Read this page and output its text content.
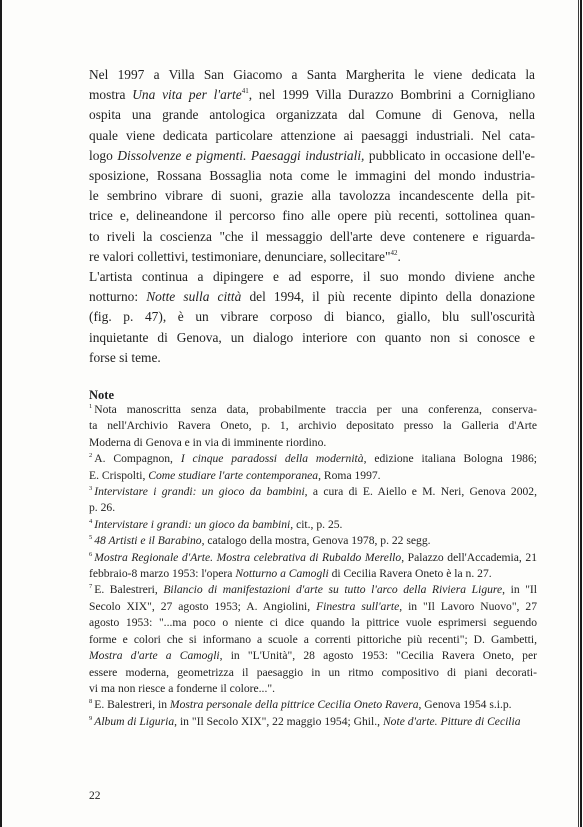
Nel 1997 a Villa San Giacomo a Santa Margherita le viene dedicata la
mostra Una vita per l'arte$^{41}$, nel 1999 Villa Durazzo Bombrini a Cornigliano
ospita una grande antologica organizzata dal Comune di Genova, nella
quale viene dedicata particolare attenzione ai paesaggi industriali. Nel cata-
logo Dissolvenze e pigmenti. Paesaggi industriali, pubblicato in occasione dell'e-
sposizione, Rossana Bossaglia nota come le immagini del mondo industria-
le sembrino vibrare di suoni, grazie alla tavolozza incandescente della pit-
trice e, delineandone il percorso fino alle opere più recenti, sottolinea quan-
to riveli la coscienza "che il messaggio dell'arte deve contenere e riguarda-
re valori collettivi, testimoniare, denunciare, sollecitare"$^{42}$.

L'artista continua a dipingere e ad esporre, il suo mondo diviene anche
notturno: Notte sulla città del 1994, il più recente dipinto della donazione
(fig. p. 47), è un vibrare corposo di bianco, giallo, blu sull'oscurità
inquietante di Genova, un dialogo interiore con quanto non si conosce e
forse si teme.

Note

$^1$ Nota manoscritta senza data, probabilmente traccia per una conferenza, conserva-
ta nell'Archivio Ravera Oneto, p. 1, archivio depositato presso la Galleria d'Arte
Moderna di Genova e in via di imminente riordino.

$^2$ A. Compagnon, I cinque paradossi della modernità, edizione italiana Bologna 1986;
E. Crispolti, Come studiare l'arte contemporanea, Roma 1997.

$^3$ Intervistare i grandi: un gioco da bambini, a cura di E. Aiello e M. Neri, Genova 2002,
p. 26.

$^4$ Intervistare i grandi: un gioco da bambini, cit., p. 25.

$^5$ 48 Artisti e il Barabino, catalogo della mostra, Genova 1978, p. 22 segg.

$^6$ Mostra Regionale d'Arte. Mostra celebrativa di Rubaldo Merello, Palazzo dell'Accademia, 21
febbraio-8 marzo 1953: l'opera Notturno a Camogli di Cecilia Ravera Oneto è la n. 27.

$^7$ E. Balestreri, Bilancio di manifestazioni d'arte su tutto l'arco della Riviera Ligure, in "Il
Secolo XIX", 27 agosto 1953; A. Angiolini, Finestra sull'arte, in "Il Lavoro Nuovo", 27
agosto 1953: "...ma poco o niente ci dice quando la pittrice vuole esprimersi seguendo
forme e colori che si informano a scuole a correnti pittoriche più recenti"; D. Gambetti,
Mostra d'arte a Camogli, in "L'Unità", 28 agosto 1953: "Cecilia Ravera Oneto, per
essere moderna, geometrizza il paesaggio in un ritmo compositivo di piani decorati-
vi ma non riesce a fonderne il colore...".

$^8$ E. Balestreri, in Mostra personale della pittrice Cecilia Oneto Ravera, Genova 1954 s.i.p.

$^9$ Album di Liguria, in "Il Secolo XIX", 22 maggio 1954; Ghil., Note d'arte. Pitture di Cecilia

22
